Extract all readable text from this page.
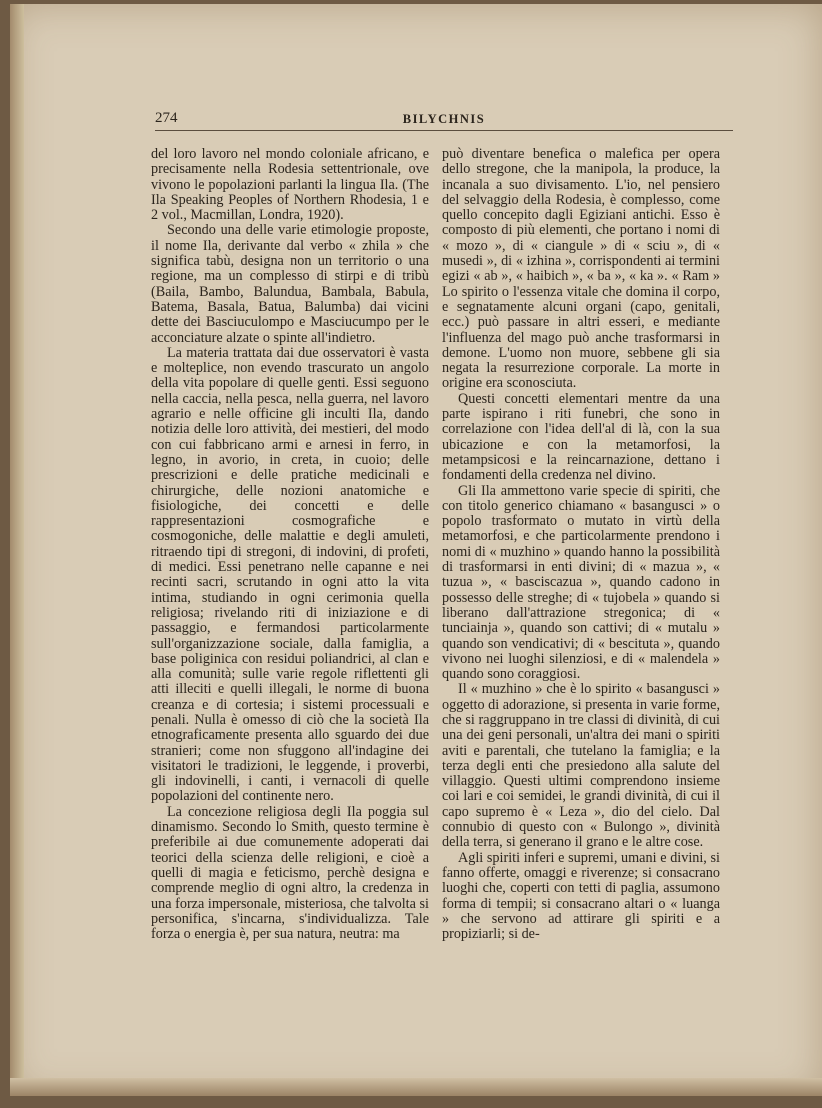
274	BILYCHNIS

del loro lavoro nel mondo coloniale africano, e precisamente nella Rodesia settentrionale, ove vivono le popolazioni parlanti la lingua Ila. (The Ila Speaking Peoples of Northern Rhodesia, 1 e 2 vol., Macmillan, Londra, 1920).

Secondo una delle varie etimologie proposte, il nome Ila, derivante dal verbo « zhila » che significa tabù, designa non un territorio o una regione, ma un complesso di stirpi e di tribù (Baila, Bambo, Balundua, Bambala, Babula, Batema, Basala, Batua, Balumba) dai vicini dette dei Basciuculompo e Masciucumpo per le acconciature alzate o spinte all'indietro.

La materia trattata dai due osservatori è vasta e molteplice, non evendo trascurato un angolo della vita popolare di quelle genti. Essi seguono nella caccia, nella pesca, nella guerra, nel lavoro agrario e nelle officine gli inculti Ila, dando notizia delle loro attività, dei mestieri, del modo con cui fabbricano armi e arnesi in ferro, in legno, in avorio, in creta, in cuoio; delle prescrizioni e delle pratiche medicinali e chirurgiche, delle nozioni anatomiche e fisiologiche, dei concetti e delle rappresentazioni cosmografiche e cosmogoniche, delle malattie e degli amuleti, ritraendo tipi di stregoni, di indovini, di profeti, di medici. Essi penetrano nelle capanne e nei recinti sacri, scrutando in ogni atto la vita intima, studiando in ogni cerimonia quella religiosa; rivelando riti di iniziazione e di passaggio, e fermandosi particolarmente sull'organizzazione sociale, dalla famiglia, a base poliginica con residui poliandrici, al clan e alla comunità; sulle varie regole riflettenti gli atti illeciti e quelli illegali, le norme di buona creanza e di cortesia; i sistemi processuali e penali. Nulla è omesso di ciò che la società Ila etnograficamente presenta allo sguardo dei due stranieri; come non sfuggono all'indagine dei visitatori le tradizioni, le leggende, i proverbi, gli indovinelli, i canti, i vernacoli di quelle popolazioni del continente nero.

La concezione religiosa degli Ila poggia sul dinamismo. Secondo lo Smith, questo termine è preferibile ai due comunemente adoperati dai teorici della scienza delle religioni, e cioè a quelli di magia e feticismo, perchè designa e comprende meglio di ogni altro, la credenza in una forza impersonale, misteriosa, che talvolta si personifica, s'incarna, s'individualizza. Tale forza o energia è, per sua natura, neutra: ma

può diventare benefica o malefica per opera dello stregone, che la manipola, la produce, la incanala a suo divisamento. L'io, nel pensiero del selvaggio della Rodesia, è complesso, come quello concepito dagli Egiziani antichi. Esso è composto di più elementi, che portano i nomi di « mozo », di « ciangule » di « sciu », di « musedi », di « izhina », corrispondenti ai termini egizi « ab », « haibich », « ba », « ka ». « Ram » Lo spirito o l'essenza vitale che domina il corpo, e segnatamente alcuni organi (capo, genitali, ecc.) può passare in altri esseri, e mediante l'influenza del mago può anche trasformarsi in demone. L'uomo non muore, sebbene gli sia negata la resurrezione corporale. La morte in origine era sconosciuta.

Questi concetti elementari mentre da una parte ispirano i riti funebri, che sono in correlazione con l'idea dell'al di là, con la sua ubicazione e con la metamorfosi, la metampsicosi e la reincarnazione, dettano i fondamenti della credenza nel divino.

Gli Ila ammettono varie specie di spiriti, che con titolo generico chiamano « basangusci » o popolo trasformato o mutato in virtù della metamorfosi, e che particolarmente prendono i nomi di « muzhino » quando hanno la possibilità di trasformarsi in enti divini; di « mazua », « tuzua », « basciscazua », quando cadono in possesso delle streghe; di « tujobela » quando si liberano dall'attrazione stregonica; di « tunciainja », quando son cattivi; di « mutalu » quando son vendicativi; di « bescituta », quando vivono nei luoghi silenziosi, e di « malendela » quando sono coraggiosi.

Il « muzhino » che è lo spirito « basangusci » oggetto di adorazione, si presenta in varie forme, che si raggruppano in tre classi di divinità, di cui una dei geni personali, un'altra dei mani o spiriti aviti e parentali, che tutelano la famiglia; e la terza degli enti che presiedono alla salute del villaggio. Questi ultimi comprendono insieme coi lari e coi semidei, le grandi divinità, di cui il capo supremo è « Leza », dio del cielo. Dal connubio di questo con « Bulongo », divinità della terra, si generano il grano e le altre cose.

Agli spiriti inferi e supremi, umani e divini, si fanno offerte, omaggi e riverenze; si consacrano luoghi che, coperti con tetti di paglia, assumono forma di tempii; si consacrano altari o « luanga » che servono ad attirare gli spiriti e a propiziarli; si de-
